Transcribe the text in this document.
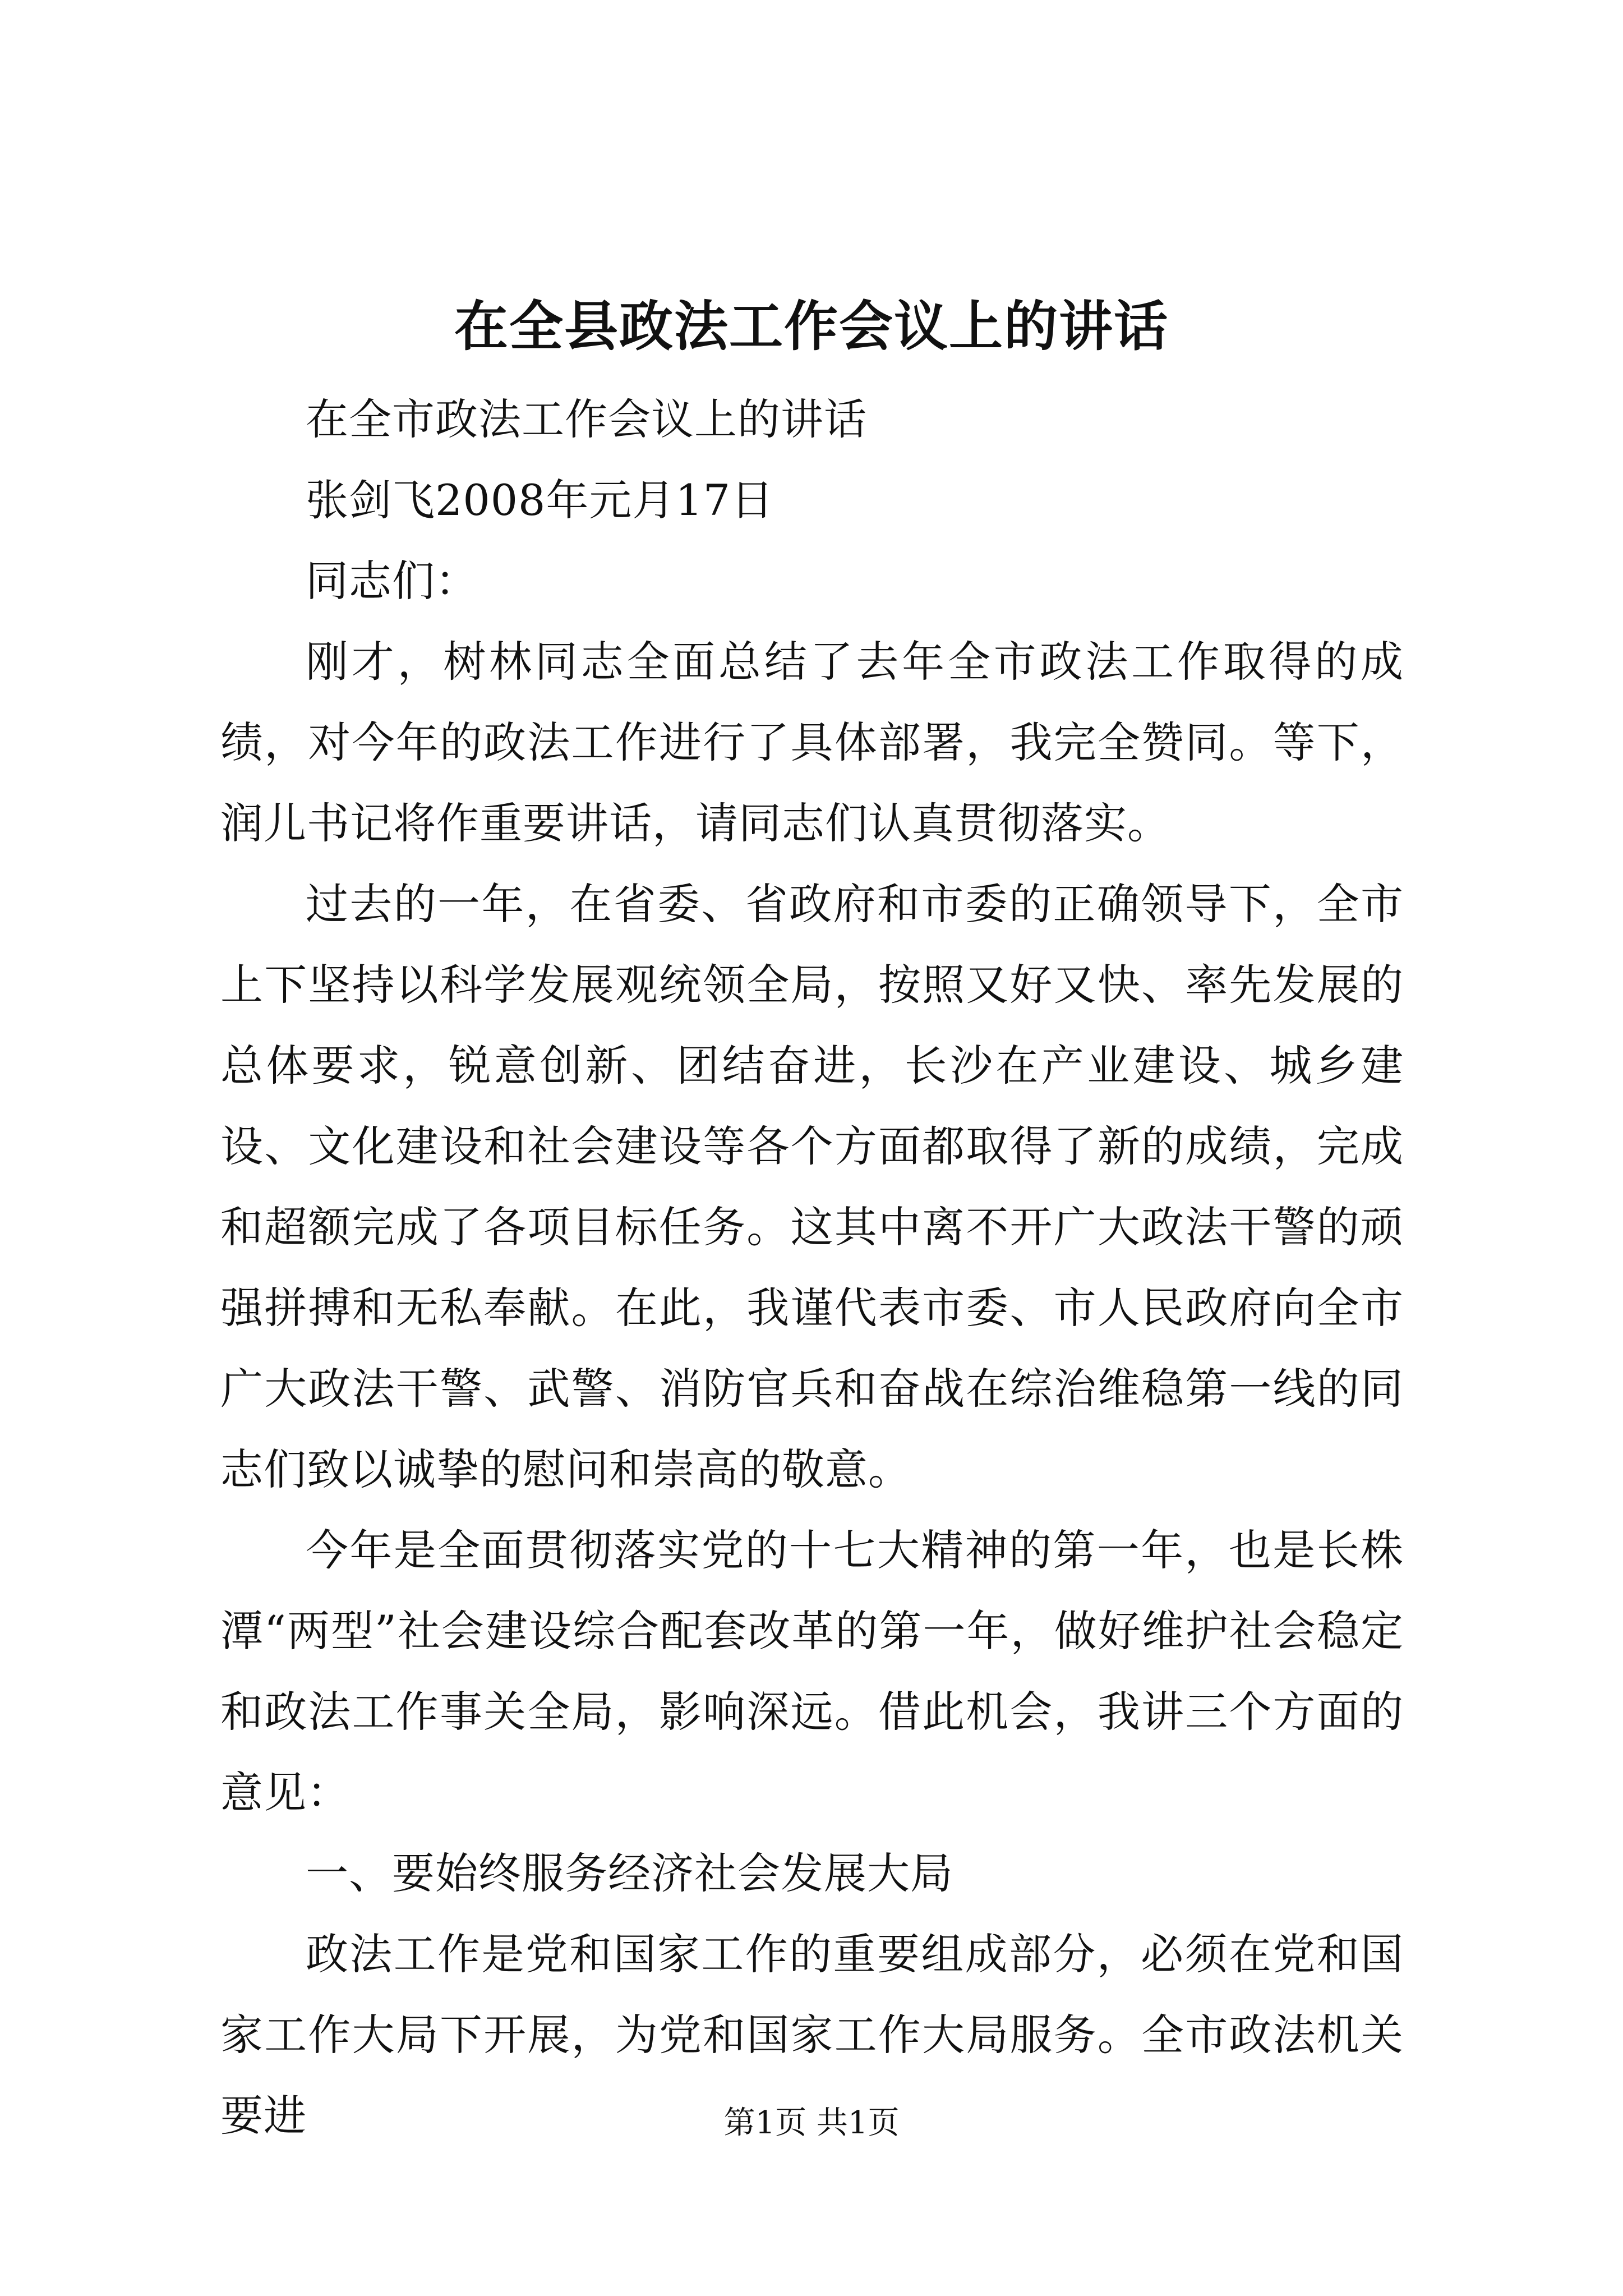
在全县政法工作会议上的讲话

在全市政法工作会议上的讲话

张剑飞2008年元月17日

同志们：

刚才，树林同志全面总结了去年全市政法工作取得的成绩，对今年的政法工作进行了具体部署，我完全赞同。等下，润儿书记将作重要讲话，请同志们认真贯彻落实。

过去的一年，在省委、省政府和市委的正确领导下，全市上下坚持以科学发展观统领全局，按照又好又快、率先发展的总体要求，锐意创新、团结奋进，长沙在产业建设、城乡建设、文化建设和社会建设等各个方面都取得了新的成绩，完成和超额完成了各项目标任务。这其中离不开广大政法干警的顽强拼搏和无私奉献。在此，我谨代表市委、市人民政府向全市广大政法干警、武警、消防官兵和奋战在综治维稳第一线的同志们致以诚挚的慰问和崇高的敬意。

今年是全面贯彻落实党的十七大精神的第一年，也是长株潭“两型”社会建设综合配套改革的第一年，做好维护社会稳定和政法工作事关全局，影响深远。借此机会，我讲三个方面的意见：

一、要始终服务经济社会发展大局

政法工作是党和国家工作的重要组成部分，必须在党和国家工作大局下开展，为党和国家工作大局服务。全市政法机关要进	第1页 共1页
